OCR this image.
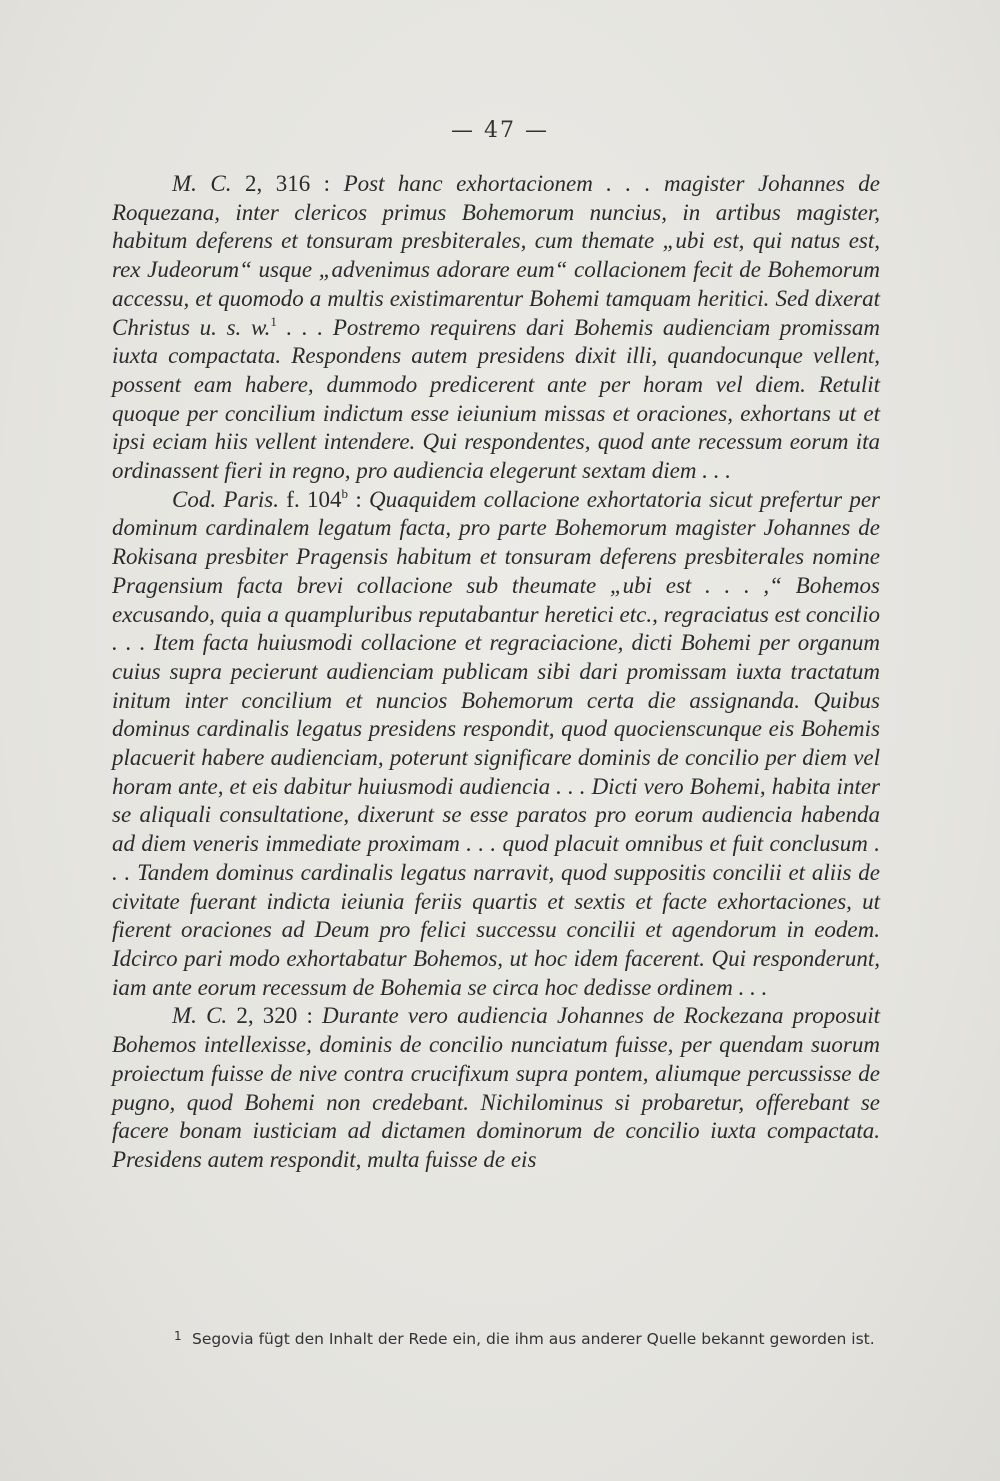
— 47 —

M. C. 2, 316 : Post hanc exhortacionem . . . magister Johannes de Roquezana, inter clericos primus Bohemorum nuncius, in artibus magister, habitum deferens et tonsuram presbiterales, cum themate „ubi est, qui natus est, rex Judeorum“ usque „advenimus adorare eum“ collacionem fecit de Bohemorum accessu, et quomodo a multis existimarentur Bohemi tamquam heritici. Sed dixerat Christus u. s. w.$^1$ . . . Postremo requirens dari Bohemis audienciam promissam iuxta compactata. Respondens autem presidens dixit illi, quandocunque vellent, possent eam habere, dummodo predicerent ante per horam vel diem. Retulit quoque per concilium indictum esse ieiunium missas et oraciones, exhortans ut et ipsi eciam hiis vellent intendere. Qui respondentes, quod ante recessum eorum ita ordinassent fieri in regno, pro audiencia elegerunt sextam diem . . .

Cod. Paris. f. 104$^b$ : Quaquidem collacione exhortatoria sicut prefertur per dominum cardinalem legatum facta, pro parte Bohemorum magister Johannes de Rokisana presbiter Pragensis habitum et tonsuram deferens presbiterales nomine Pragensium facta brevi collacione sub theumate „ubi est . . . ,“ Bohemos excusando, quia a quampluribus reputabantur heretici etc., regraciatus est concilio . . . Item facta huiusmodi collacione et regraciacione, dicti Bohemi per organum cuius supra pecierunt audienciam publicam sibi dari promissam iuxta tractatum initum inter concilium et nuncios Bohemorum certa die assignanda. Quibus dominus cardinalis legatus presidens respondit, quod quocienscunque eis Bohemis placuerit habere audienciam, poterunt significare dominis de concilio per diem vel horam ante, et eis dabitur huiusmodi audiencia . . . Dicti vero Bohemi, habita inter se aliquali consultatione, dixerunt se esse paratos pro eorum audiencia habenda ad diem veneris immediate proximam . . . quod placuit omnibus et fuit conclusum . . . Tandem dominus cardinalis legatus narravit, quod suppositis concilii et aliis de civitate fuerant indicta ieiunia feriis quartis et sextis et facte exhortaciones, ut fierent oraciones ad Deum pro felici successu concilii et agendorum in eodem. Idcirco pari modo exhortabatur Bohemos, ut hoc idem facerent. Qui responderunt, iam ante eorum recessum de Bohemia se circa hoc dedisse ordinem . . .

M. C. 2, 320 : Durante vero audiencia Johannes de Rockezana proposuit Bohemos intellexisse, dominis de concilio nunciatum fuisse, per quendam suorum proiectum fuisse de nive contra crucifixum supra pontem, aliumque percussisse de pugno, quod Bohemi non credebant. Nichilominus si probaretur, offerebant se facere bonam iusticiam ad dictamen dominorum de concilio iuxta compactata. Presidens autem respondit, multa fuisse de eis

1 Segovia fügt den Inhalt der Rede ein, die ihm aus anderer Quelle bekannt geworden ist.
